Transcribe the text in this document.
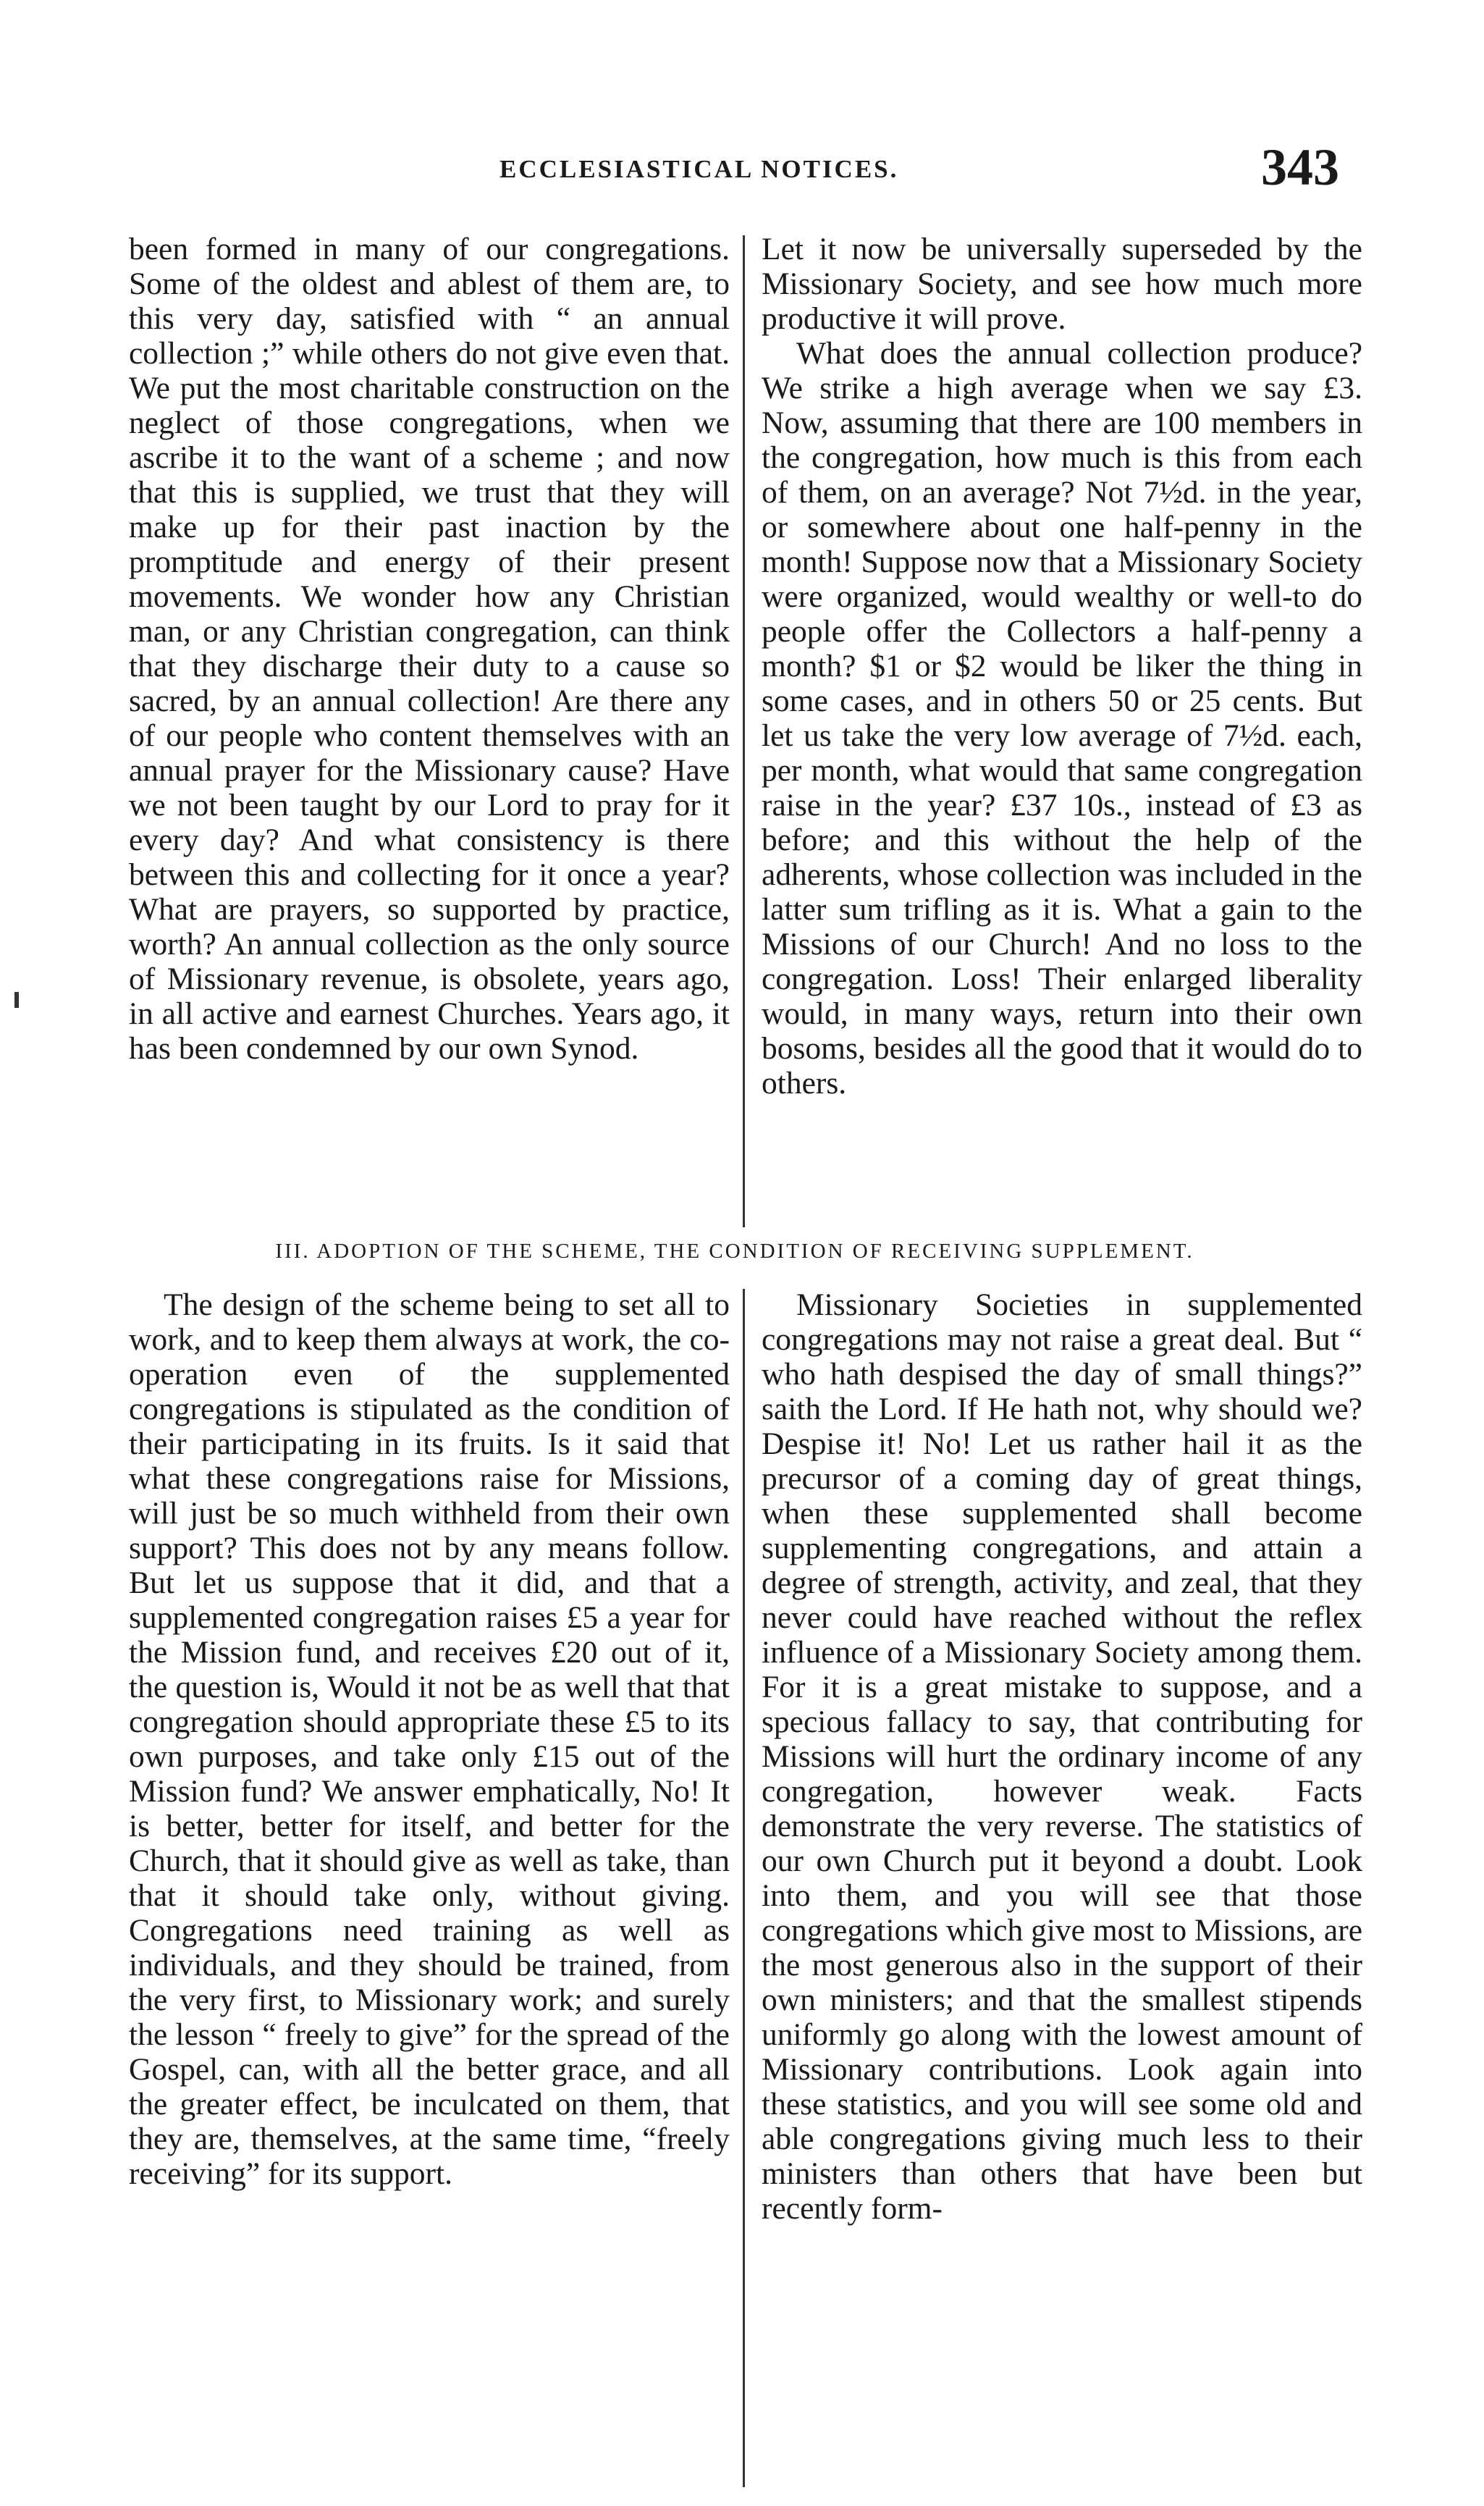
ECCLESIASTICAL NOTICES.	343

been formed in many of our congregations. Some of the oldest and ablest of them are, to this very day, satisfied with “ an annual collection ;” while others do not give even that. We put the most charitable construction on the neglect of those congregations, when we ascribe it to the want of a scheme ; and now that this is supplied, we trust that they will make up for their past inaction by the promptitude and energy of their present movements. We wonder how any Christian man, or any Christian congregation, can think that they discharge their duty to a cause so sacred, by an annual collection! Are there any of our people who content themselves with an annual prayer for the Missionary cause? Have we not been taught by our Lord to pray for it every day? And what consistency is there between this and collecting for it once a year? What are prayers, so supported by practice, worth? An annual collection as the only source of Missionary revenue, is obsolete, years ago, in all active and earnest Churches. Years ago, it has been condemned by our own Synod.

Let it now be universally superseded by the Missionary Society, and see how much more productive it will prove.

What does the annual collection produce? We strike a high average when we say £3. Now, assuming that there are 100 members in the congregation, how much is this from each of them, on an average? Not 7½d. in the year, or somewhere about one half-penny in the month! Suppose now that a Missionary Society were organized, would wealthy or well-to do people offer the Collectors a half-penny a month? $1 or $2 would be liker the thing in some cases, and in others 50 or 25 cents. But let us take the very low average of 7½d. each, per month, what would that same congregation raise in the year? £37 10s., instead of £3 as before; and this without the help of the adherents, whose collection was included in the latter sum trifling as it is. What a gain to the Missions of our Church! And no loss to the congregation. Loss! Their enlarged liberality would, in many ways, return into their own bosoms, besides all the good that it would do to others.

III. ADOPTION OF THE SCHEME, THE CONDITION OF RECEIVING SUPPLEMENT.

The design of the scheme being to set all to work, and to keep them always at work, the co-operation even of the supplemented congregations is stipulated as the condition of their participating in its fruits. Is it said that what these congregations raise for Missions, will just be so much withheld from their own support? This does not by any means follow. But let us suppose that it did, and that a supplemented congregation raises £5 a year for the Mission fund, and receives £20 out of it, the question is, Would it not be as well that that congregation should appropriate these £5 to its own purposes, and take only £15 out of the Mission fund? We answer emphatically, No! It is better, better for itself, and better for the Church, that it should give as well as take, than that it should take only, without giving. Congregations need training as well as individuals, and they should be trained, from the very first, to Missionary work; and surely the lesson “ freely to give” for the spread of the Gospel, can, with all the better grace, and all the greater effect, be inculcated on them, that they are, themselves, at the same time, “freely receiving” for its support.

Missionary Societies in supplemented congregations may not raise a great deal. But “ who hath despised the day of small things?” saith the Lord. If He hath not, why should we? Despise it! No! Let us rather hail it as the precursor of a coming day of great things, when these supplemented shall become supplementing congregations, and attain a degree of strength, activity, and zeal, that they never could have reached without the reflex influence of a Missionary Society among them. For it is a great mistake to suppose, and a specious fallacy to say, that contributing for Missions will hurt the ordinary income of any congregation, however weak. Facts demonstrate the very reverse. The statistics of our own Church put it beyond a doubt. Look into them, and you will see that those congregations which give most to Missions, are the most generous also in the support of their own ministers; and that the smallest stipends uniformly go along with the lowest amount of Missionary contributions. Look again into these statistics, and you will see some old and able congregations giving much less to their ministers than others that have been but recently form-
